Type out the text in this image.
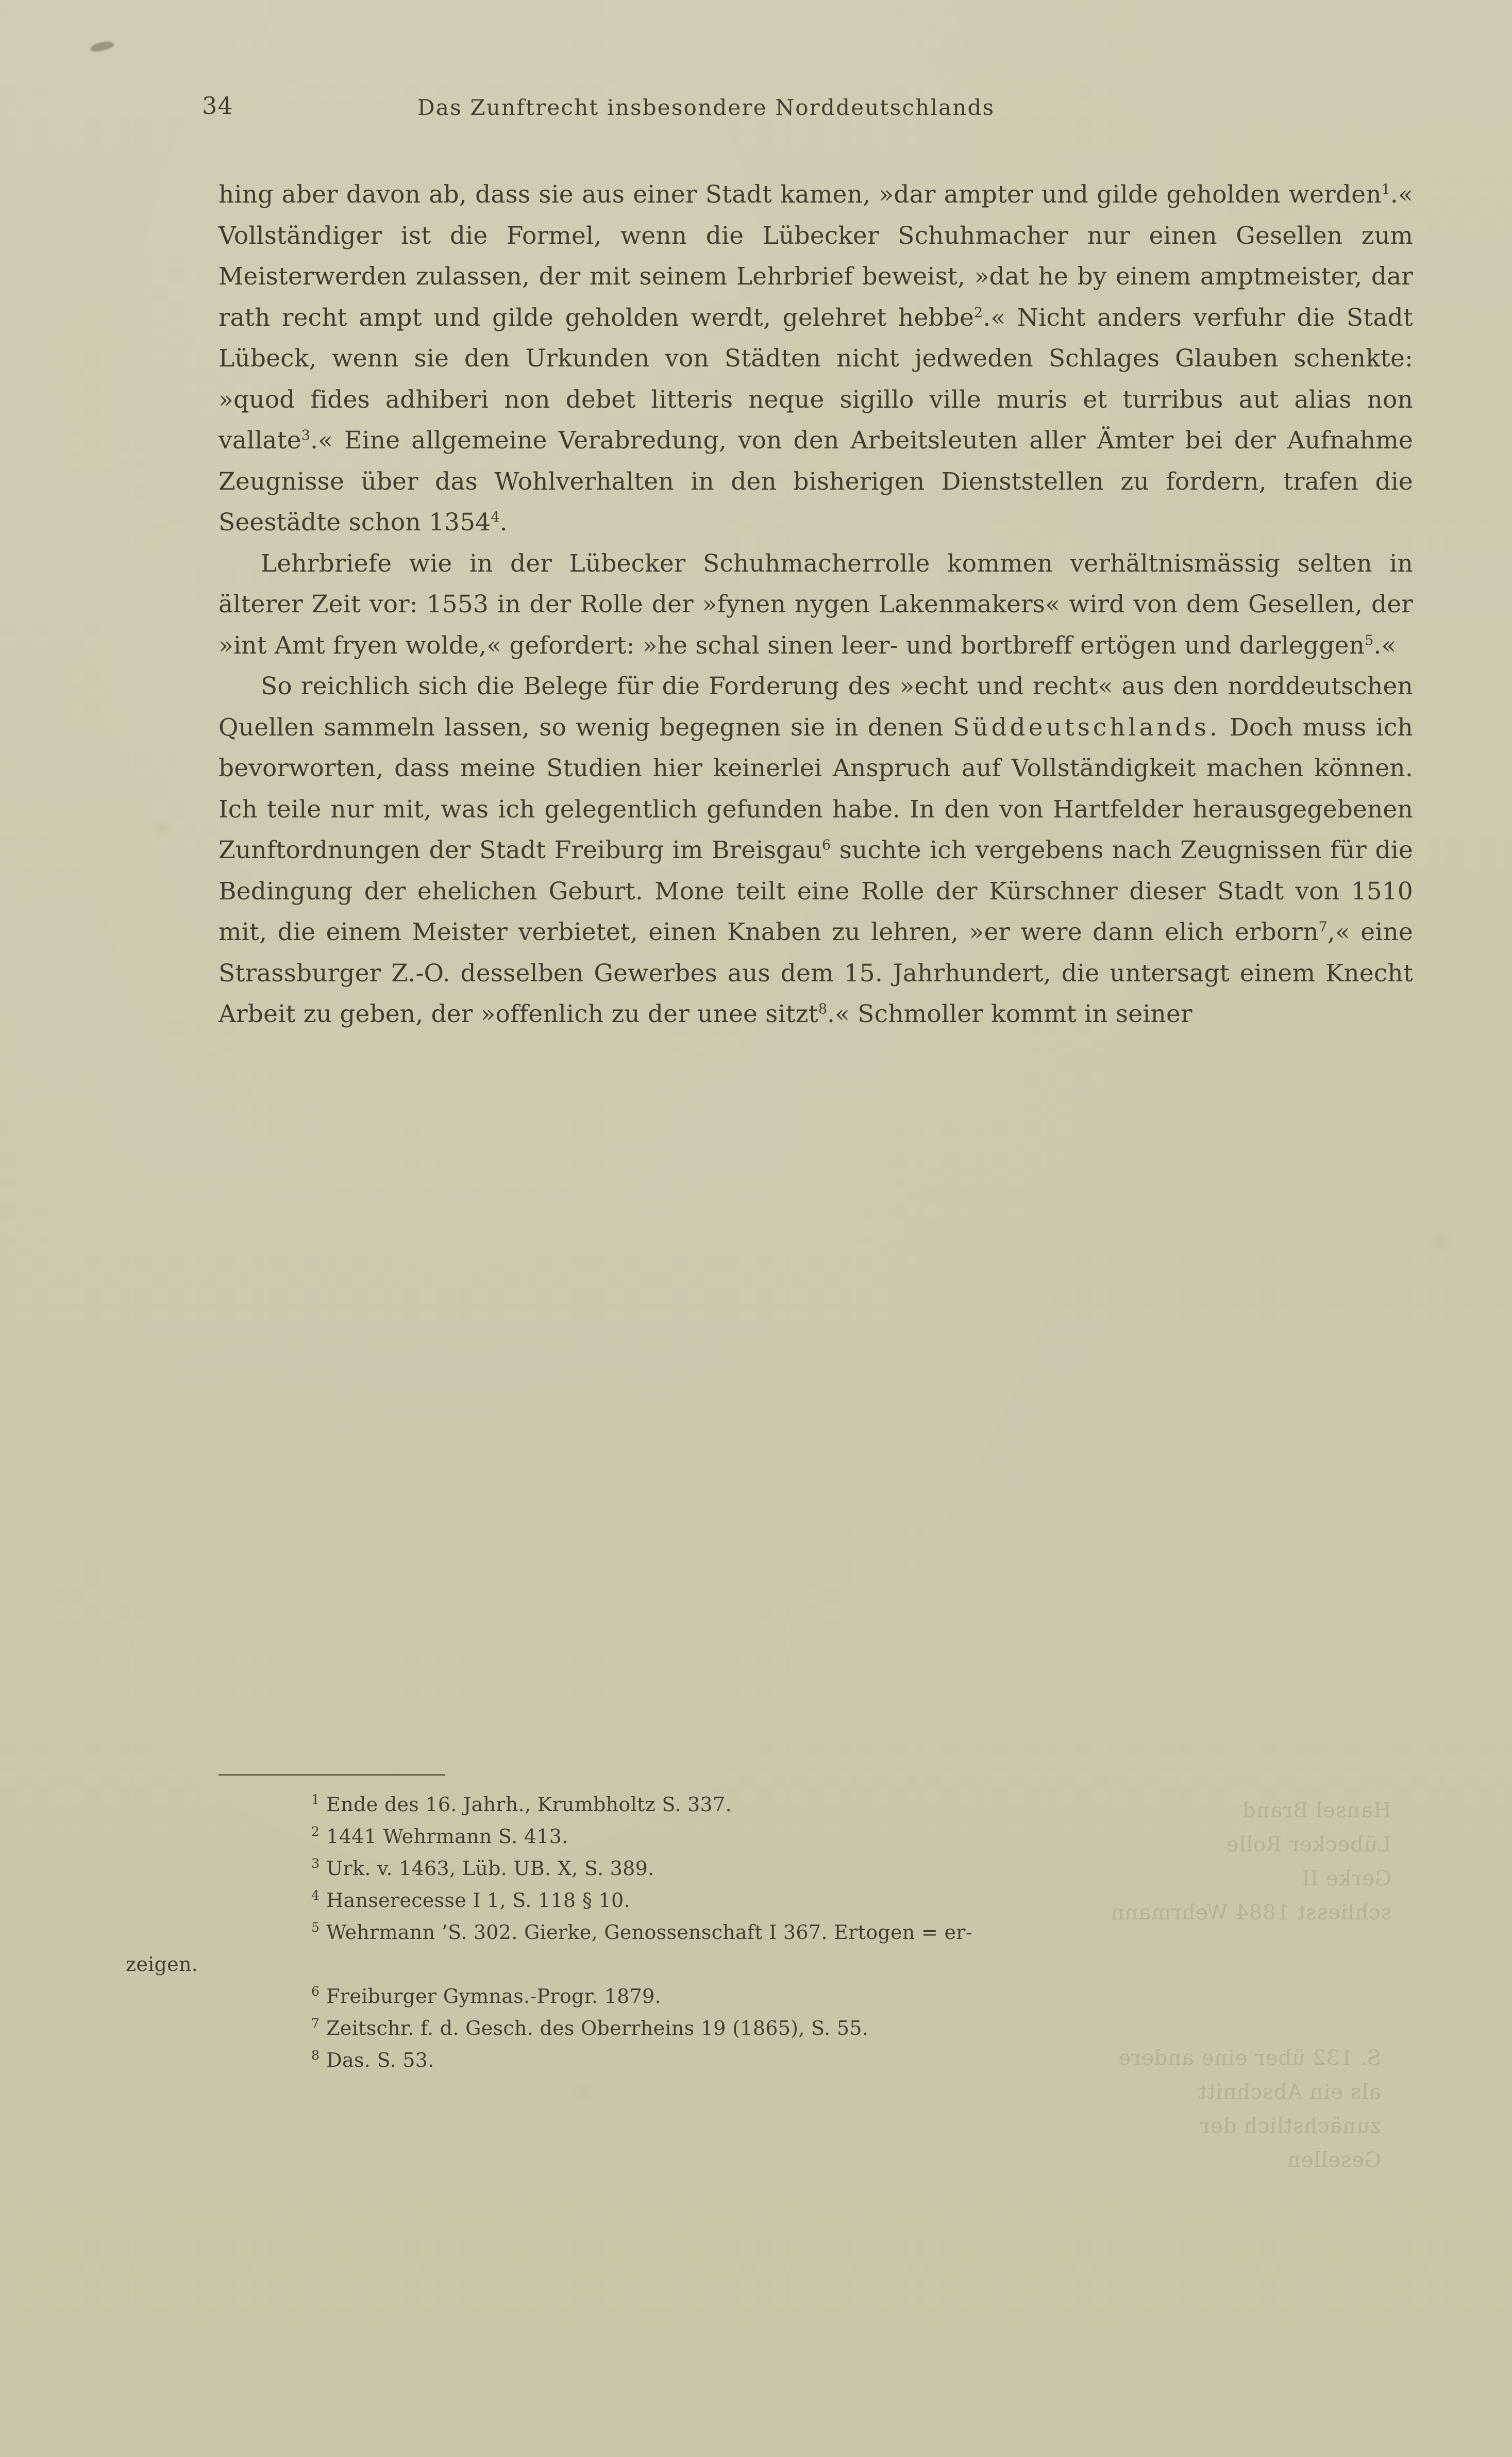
Hansel Brand
Lübecker Rolle
Gerke II
schliesst 1884 Wehrmann
S. 132 über eine andere
als ein Abschnitt
zunächstlich der
Gesellen
34	Das Zunftrecht insbesondere Norddeutschlands

hing aber davon ab, dass sie aus einer Stadt kamen, »dar ampter und gilde geholden werden$^1$.« Vollständiger ist die Formel, wenn die Lübecker Schuhmacher nur einen Gesellen zum Meisterwerden zulassen, der mit seinem Lehrbrief beweist, »dat he by einem amptmeister, dar rath recht ampt und gilde geholden werdt, gelehret hebbe$^2$.« Nicht anders verfuhr die Stadt Lübeck, wenn sie den Urkunden von Städten nicht jedweden Schlages Glauben schenkte: »quod fides adhiberi non debet litteris neque sigillo ville muris et turribus aut alias non vallate$^3$.« Eine allgemeine Verabredung, von den Arbeitsleuten aller Ämter bei der Aufnahme Zeugnisse über das Wohlverhalten in den bisherigen Dienststellen zu fordern, trafen die Seestädte schon 1354$^4$.

Lehrbriefe wie in der Lübecker Schuhmacherrolle kommen verhältnismässig selten in älterer Zeit vor: 1553 in der Rolle der »fynen nygen Lakenmakers« wird von dem Gesellen, der »int Amt fryen wolde,« gefordert: »he schal sinen leer- und bortbreff ertögen und darleggen$^5$.«

So reichlich sich die Belege für die Forderung des »echt und recht« aus den norddeutschen Quellen sammeln lassen, so wenig begegnen sie in denen Süddeutschlands. Doch muss ich bevorworten, dass meine Studien hier keinerlei Anspruch auf Vollständigkeit machen können. Ich teile nur mit, was ich gelegentlich gefunden habe. In den von Hartfelder herausgegebenen Zunftordnungen der Stadt Freiburg im Breisgau$^6$ suchte ich vergebens nach Zeugnissen für die Bedingung der ehelichen Geburt. Mone teilt eine Rolle der Kürschner dieser Stadt von 1510 mit, die einem Meister verbietet, einen Knaben zu lehren, »er were dann elich erborn$^7$,« eine Strassburger Z.-O. desselben Gewerbes aus dem 15. Jahrhundert, die untersagt einem Knecht Arbeit zu geben, der »offenlich zu der unee sitzt$^8$.« Schmoller kommt in seiner

$^1$ Ende des 16. Jahrh., Krumbholtz S. 337.

$^2$ 1441 Wehrmann S. 413.

$^3$ Urk. v. 1463, Lüb. UB. X, S. 389.

$^4$ Hanserecesse I 1, S. 118 § 10.

$^5$ Wehrmann ’S. 302. Gierke, Genossenschaft I 367. Ertogen = er-
zeigen.

$^6$ Freiburger Gymnas.-Progr. 1879.

$^7$ Zeitschr. f. d. Gesch. des Oberrheins 19 (1865), S. 55.

$^8$ Das. S. 53.
